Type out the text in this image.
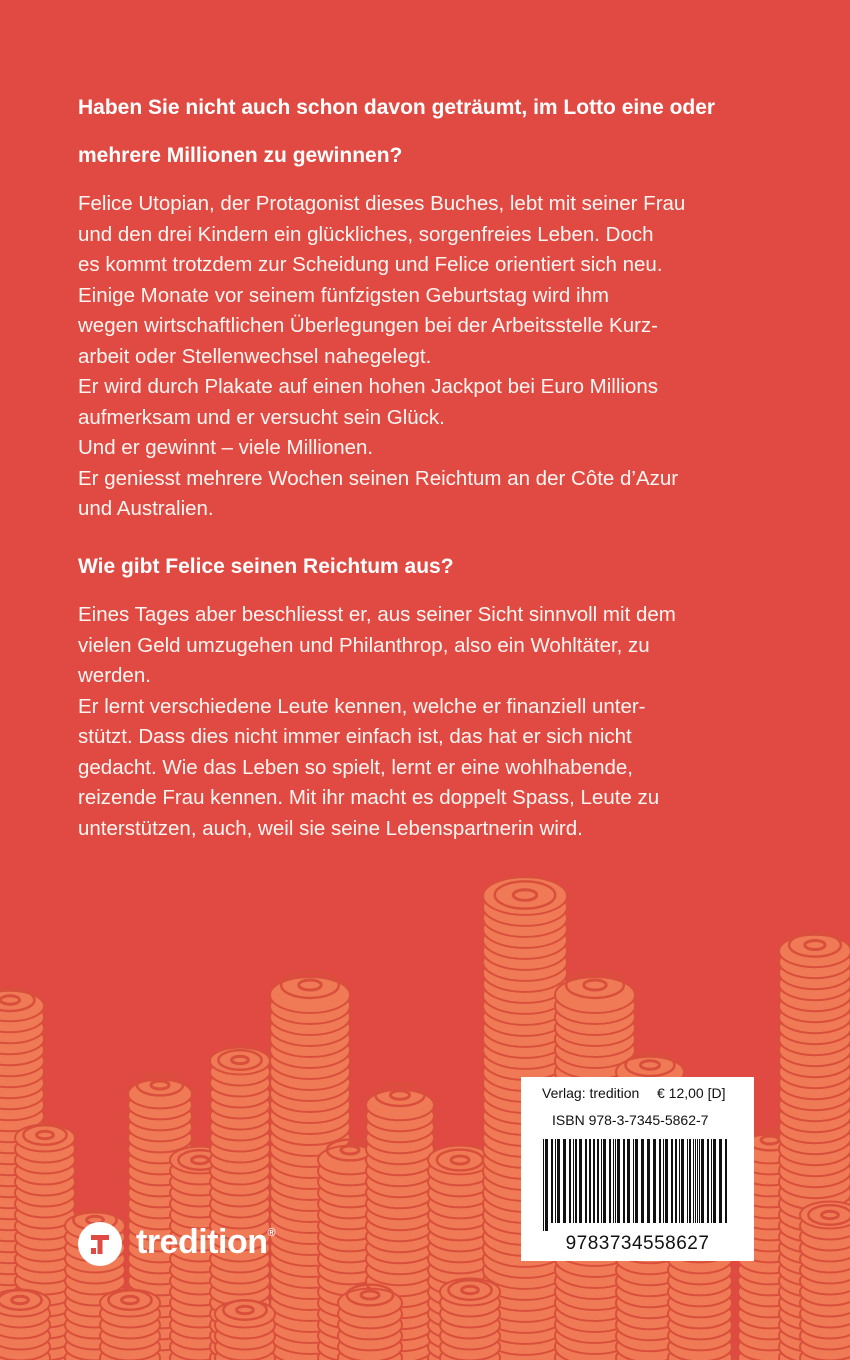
Haben Sie nicht auch schon davon geträumt, im Lotto eine oder
mehrere Millionen zu gewinnen?
Felice Utopian, der Protagonist dieses Buches, lebt mit seiner Frau
und den drei Kindern ein glückliches, sorgenfreies Leben. Doch
es kommt trotzdem zur Scheidung und Felice orientiert sich neu.
Einige Monate vor seinem fünfzigsten Geburtstag wird ihm
wegen wirtschaftlichen Überlegungen bei der Arbeitsstelle Kurz-
arbeit oder Stellenwechsel nahegelegt.
Er wird durch Plakate auf einen hohen Jackpot bei Euro Millions
aufmerksam und er versucht sein Glück.
Und er gewinnt – viele Millionen.
Er geniesst mehrere Wochen seinen Reichtum an der Côte d’Azur
und Australien.
Wie gibt Felice seinen Reichtum aus?
Eines Tages aber beschliesst er, aus seiner Sicht sinnvoll mit dem
vielen Geld umzugehen und Philanthrop, also ein Wohltäter, zu
werden.
Er lernt verschiedene Leute kennen, welche er finanziell unter-
stützt. Dass dies nicht immer einfach ist, das hat er sich nicht
gedacht. Wie das Leben so spielt, lernt er eine wohlhabende,
reizende Frau kennen. Mit ihr macht es doppelt Spass, Leute zu
unterstützen, auch, weil sie seine Lebenspartnerin wird.
tredition®
Verlag: tredition € 12,00 [D]
ISBN 978-3-7345-5862-7
9783734558627
